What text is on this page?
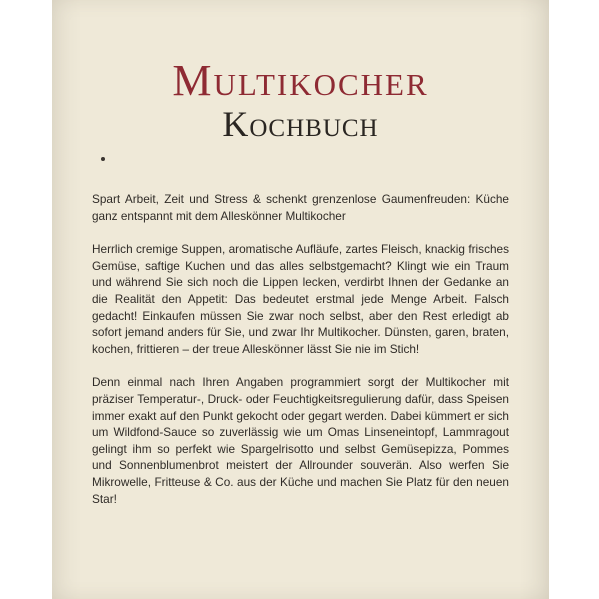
Multikocher
Kochbuch

Spart Arbeit, Zeit und Stress & schenkt grenzenlose Gaumenfreuden: Küche ganz entspannt mit dem Alleskönner Multikocher

Herrlich cremige Suppen, aromatische Aufläufe, zartes Fleisch, knackig frisches Gemüse, saftige Kuchen und das alles selbstgemacht? Klingt wie ein Traum und während Sie sich noch die Lippen lecken, verdirbt Ihnen der Gedanke an die Realität den Appetit: Das bedeutet erstmal jede Menge Arbeit. Falsch gedacht! Einkaufen müssen Sie zwar noch selbst, aber den Rest erledigt ab sofort jemand anders für Sie, und zwar Ihr Multikocher. Dünsten, garen, braten, kochen, frittieren – der treue Alleskönner lässt Sie nie im Stich!

Denn einmal nach Ihren Angaben programmiert sorgt der Multikocher mit präziser Temperatur-, Druck- oder Feuchtigkeitsregulierung dafür, dass Speisen immer exakt auf den Punkt gekocht oder gegart werden. Dabei kümmert er sich um Wildfond-Sauce so zuverlässig wie um Omas Linseneintopf, Lammragout gelingt ihm so perfekt wie Spargelrisotto und selbst Gemüsepizza, Pommes und Sonnenblumenbrot meistert der Allrounder souverän. Also werfen Sie Mikrowelle, Fritteuse & Co. aus der Küche und machen Sie Platz für den neuen Star!
